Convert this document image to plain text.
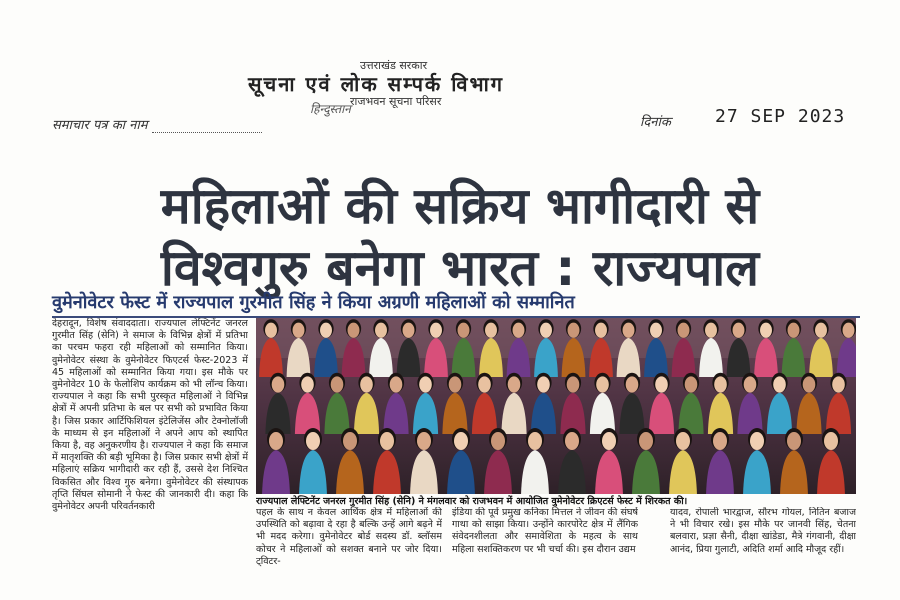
उत्तराखंड सरकार
सूचना एवं लोक सम्पर्क विभाग
राजभवन सूचना परिसर
हिन्दुस्तान
समाचार पत्र का नाम	दिनांक 27 SEP 2023
महिलाओं की सक्रिय भागीदारी से
विश्वगुरु बनेगा भारत : राज्यपाल
वुमेनोवेटर फेस्ट में राज्यपाल गुरमीत सिंह ने किया अग्रणी महिलाओं को सम्मानित
देहरादून, विशेष संवाददाता। राज्यपाल लेफ्टिनेंट जनरल गुरमीत सिंह (सेनि) ने समाज के विभिन्न क्षेत्रों में प्रतिभा का परचम फहरा रही महिलाओं को सम्मानित किया। वुमेनोवेटर संस्था के वुमेनोवेटर फिएटर्स फेस्ट-2023 में 45 महिलाओं को सम्मानित किया गया। इस मौके पर वुमेनोवेटर 10 के फेलोशिप कार्यक्रम को भी लॉन्च किया। राज्यपाल ने कहा कि सभी पुरस्कृत महिलाओं ने विभिन्न क्षेत्रों में अपनी प्रतिभा के बल पर सभी को प्रभावित किया है। जिस प्रकार आर्टिफिशियल इंटेलिजेंस और टेक्नोलॉजी के माध्यम से इन महिलाओं ने अपने आप को स्थापित किया है, वह अनुकरणीय है। राज्यपाल ने कहा कि समाज में मातृशक्ति की बड़ी भूमिका है। जिस प्रकार सभी क्षेत्रों में महिलाएं सक्रिय भागीदारी कर रही हैं, उससे देश निश्चित विकसित और विश्व गुरु बनेगा। वुमेनोवेटर की संस्थापक तृप्ति सिंघल सोमानी ने फेस्ट की जानकारी दी। कहा कि वुमेनोवेटर अपनी परिवर्तनकारी	राज्यपाल लेफ्टिनेंट जनरल गुरमीत सिंह (सेनि) ने मंगलवार को राजभवन में आयोजित वुमेनोवेटर क्रिएटर्स फेस्ट में शिरकत की।
पहल के साथ न केवल आर्थिक क्षेत्र में महिलाओं की उपस्थिति को बढ़ावा दे रहा है बल्कि उन्हें आगे बढ़ने में भी मदद करेगा। वुमेनोवेटर बोर्ड सदस्य डॉ. ब्लॉसम कोचर ने महिलाओं को सशक्त बनाने पर जोर दिया। ट्विटर-
इंडिया की पूर्व प्रमुख कनिका मित्तल ने जीवन की संघर्ष गाथा को साझा किया। उन्होंने कारपोरेट क्षेत्र में लैंगिक संवेदनशीलता और समावेशिता के महत्व के साथ महिला सशक्तिकरण पर भी चर्चा की। इस दौरान उद्यम
यादव, रोपाली भारद्वाज, सौरभ गोयल, नितिन बजाज ने भी विचार रखे। इस मौके पर जानवी सिंह, चेतना बलवारा, प्रज्ञा सैनी, दीक्षा खांडेडा, मैत्रे गंगवानी, दीक्षा आनंद, प्रिया गुलाटी, अदिति शर्मा आदि मौजूद रहीं।
